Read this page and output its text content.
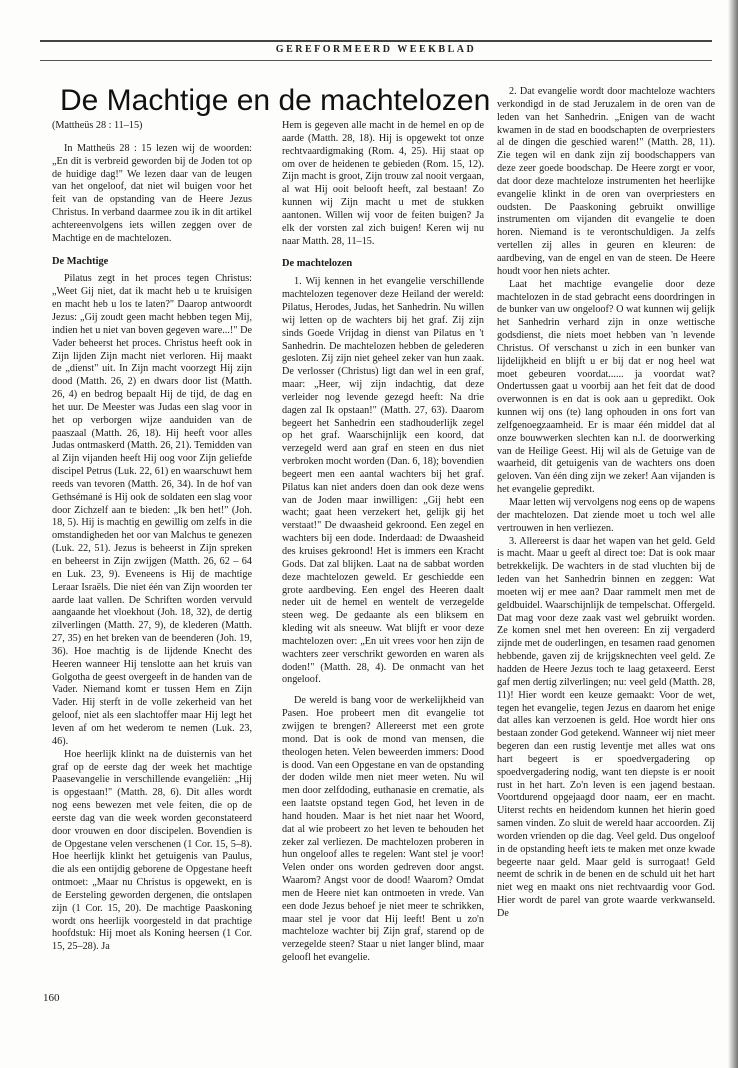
GEREFORMEERD WEEKBLAD
De Machtige en de machtelozen

(Mattheüs 28 : 11–15)

In Mattheüs 28 : 15 lezen wij de woorden: „En dit is verbreid geworden bij de Joden tot op de huidige dag!" We lezen daar van de leugen van het ongeloof, dat niet wil buigen voor het feit van de opstanding van de Heere Jezus Christus. In verband daarmee zou ik in dit artikel achtereenvolgens iets willen zeggen over de Machtige en de machtelozen.

De Machtige

Pilatus zegt in het proces tegen Christus: „Weet Gij niet, dat ik macht heb u te kruisigen en macht heb u los te laten?" Daarop antwoordt Jezus: „Gij zoudt geen macht hebben tegen Mij, indien het u niet van boven gegeven ware...!" De Vader beheerst het proces. Christus heeft ook in Zijn lijden Zijn macht niet verloren. Hij maakt de „dienst" uit. In Zijn macht voorzegt Hij zijn dood (Matth. 26, 2) en dwars door list (Matth. 26, 4) en bedrog bepaalt Hij de tijd, de dag en het uur. De Meester was Judas een slag voor in het op verborgen wijze aanduiden van de paaszaal (Matth. 26, 18). Hij heeft voor alles Judas ontmaskerd (Matth. 26, 21). Temidden van al Zijn vijanden heeft Hij oog voor Zijn geliefde discipel Petrus (Luk. 22, 61) en waarschuwt hem reeds van tevoren (Matth. 26, 34). In de hof van Gethsémané is Hij ook de soldaten een slag voor door Zichzelf aan te bieden: „Ik ben het!" (Joh. 18, 5). Hij is machtig en gewillig om zelfs in die omstandigheden het oor van Malchus te genezen (Luk. 22, 51). Jezus is beheerst in Zijn spreken en beheerst in Zijn zwijgen (Matth. 26, 62 – 64 en Luk. 23, 9). Eveneens is Hij de machtige Leraar Israëls. Die niet één van Zijn woorden ter aarde laat vallen. De Schriften worden vervuld aangaande het vloekhout (Joh. 18, 32), de dertig zilverlingen (Matth. 27, 9), de klederen (Matth. 27, 35) en het breken van de beenderen (Joh. 19, 36). Hoe machtig is de lijdende Knecht des Heeren wanneer Hij tenslotte aan het kruis van Golgotha de geest overgeeft in de handen van de Vader. Niemand komt er tussen Hem en Zijn Vader. Hij sterft in de volle zekerheid van het geloof, niet als een slachtoffer maar Hij legt het leven af om het wederom te nemen (Luk. 23, 46).

Hoe heerlijk klinkt na de duisternis van het graf op de eerste dag der week het machtige Paasevangelie in verschillende evangeliën: „Hij is opgestaan!" (Matth. 28, 6). Dit alles wordt nog eens bewezen met vele feiten, die op de eerste dag van die week worden geconstateerd door vrouwen en door discipelen. Bovendien is de Opgestane velen verschenen (1 Cor. 15, 5–8). Hoe heerlijk klinkt het getuigenis van Paulus, die als een ontijdig geborene de Opgestane heeft ontmoet: „Maar nu Christus is opgewekt, en is de Eersteling geworden dergenen, die ontslapen zijn (1 Cor. 15, 20). De machtige Paaskoning wordt ons heerlijk voorgesteld in dat prachtige hoofdstuk: Hij moet als Koning heersen (1 Cor. 15, 25–28). Ja

Hem is gegeven alle macht in de hemel en op de aarde (Matth. 28, 18). Hij is opgewekt tot onze rechtvaardigmaking (Rom. 4, 25). Hij staat op om over de heidenen te gebieden (Rom. 15, 12). Zijn macht is groot, Zijn trouw zal nooit vergaan, al wat Hij ooit belooft heeft, zal bestaan! Zo kunnen wij Zijn macht u met de stukken aantonen. Willen wij voor de feiten buigen? Ja elk der vorsten zal zich buigen! Keren wij nu naar Matth. 28, 11–15.

De machtelozen

1. Wij kennen in het evangelie verschillende machtelozen tegenover deze Heiland der wereld: Pilatus, Herodes, Judas, het Sanhedrin. Nu willen wij letten op de wachters bij het graf. Zij zijn sinds Goede Vrijdag in dienst van Pilatus en 't Sanhedrin. De machtelozen hebben de gelederen gesloten. Zij zijn niet geheel zeker van hun zaak. De verlosser (Christus) ligt dan wel in een graf, maar: „Heer, wij zijn indachtig, dat deze verleider nog levende gezegd heeft: Na drie dagen zal Ik opstaan!" (Matth. 27, 63). Daarom begeert het Sanhedrin een stadhouderlijk zegel op het graf. Waarschijnlijk een koord, dat verzegeld werd aan graf en steen en dus niet verbroken mocht worden (Dan. 6, 18); bovendien begeert men een aantal wachters bij het graf. Pilatus kan niet anders doen dan ook deze wens van de Joden maar inwilligen: „Gij hebt een wacht; gaat heen verzekert het, gelijk gij het verstaat!" De dwaasheid gekroond. Een zegel en wachters bij een dode. Inderdaad: de Dwaasheid des kruises gekroond! Het is immers een Kracht Gods. Dat zal blijken. Laat na de sabbat worden deze machtelozen geweld. Er geschiedde een grote aardbeving. Een engel des Heeren daalt neder uit de hemel en wentelt de verzegelde steen weg. De gedaante als een bliksem en kleding wit als sneeuw. Wat blijft er voor deze machtelozen over: „En uit vrees voor hen zijn de wachters zeer verschrikt geworden en waren als doden!" (Matth. 28, 4). De onmacht van het ongeloof.

De wereld is bang voor de werkelijkheid van Pasen. Hoe probeert men dit evangelie tot zwijgen te brengen? Allereerst met een grote mond. Dat is ook de mond van mensen, die theologen heten. Velen beweerden immers: Dood is dood. Van een Opgestane en van de opstanding der doden wilde men niet meer weten. Nu wil men door zelfdoding, euthanasie en crematie, als een laatste opstand tegen God, het leven in de hand houden. Maar is het niet naar het Woord, dat al wie probeert zo het leven te behouden het zeker zal verliezen. De machtelozen proberen in hun ongeloof alles te regelen: Want stel je voor! Velen onder ons worden gedreven door angst. Waarom? Angst voor de dood! Waarom? Omdat men de Heere niet kan ontmoeten in vrede. Van een dode Jezus behoef je niet meer te schrikken, maar stel je voor dat Hij leeft! Bent u zo'n machteloze wachter bij Zijn graf, starend op de verzegelde steen? Staar u niet langer blind, maar geloofl het evangelie.

2. Dat evangelie wordt door machteloze wachters verkondigd in de stad Jeruzalem in de oren van de leden van het Sanhedrin. „Enigen van de wacht kwamen in de stad en boodschapten de overpriesters al de dingen die geschied waren!" (Matth. 28, 11). Zie tegen wil en dank zijn zij boodschappers van deze zeer goede boodschap. De Heere zorgt er voor, dat door deze machteloze instrumenten het heerlijke evangelie klinkt in de oren van overpriesters en oudsten. De Paaskoning gebruikt onwillige instrumenten om vijanden dit evangelie te doen horen. Niemand is te verontschuldigen. Ja zelfs vertellen zij alles in geuren en kleuren: de aardbeving, van de engel en van de steen. De Heere houdt voor hen niets achter.

Laat het machtige evangelie door deze machtelozen in de stad gebracht eens doordringen in de bunker van uw ongeloof? O wat kunnen wij gelijk het Sanhedrin verhard zijn in onze wettische godsdienst, die niets moet hebben van 'n levende Christus. Of verschanst u zich in een bunker van lijdelijkheid en blijft u er bij dat er nog heel wat moet gebeuren voordat...... ja voordat wat? Ondertussen gaat u voorbij aan het feit dat de dood overwonnen is en dat is ook aan u gepredikt. Ook kunnen wij ons (te) lang ophouden in ons fort van zelfgenoegzaamheid. Er is maar één middel dat al onze bouwwerken slechten kan n.l. de doorwerking van de Heilige Geest. Hij wil als de Getuige van de waarheid, dit getuigenis van de wachters ons doen geloven. Van één ding zijn we zeker! Aan vijanden is het evangelie gepredikt.

Maar letten wij vervolgens nog eens op de wapens der machtelozen. Dat ziende moet u toch wel alle vertrouwen in hen verliezen.

3. Allereerst is daar het wapen van het geld. Geld is macht. Maar u geeft al direct toe: Dat is ook maar betrekkelijk. De wachters in de stad vluchten bij de leden van het Sanhedrin binnen en zeggen: Wat moeten wij er mee aan? Daar rammelt men met de geldbuidel. Waarschijnlijk de tempelschat. Offergeld. Dat mag voor deze zaak vast wel gebruikt worden. Ze komen snel met hen overeen: En zij vergaderd zijnde met de ouderlingen, en tesamen raad genomen hebbende, gaven zij de krijgsknechten veel geld. Ze hadden de Heere Jezus toch te laag getaxeerd. Eerst gaf men dertig zilverlingen; nu: veel geld (Matth. 28, 11)! Hier wordt een keuze gemaakt: Voor de wet, tegen het evangelie, tegen Jezus en daarom het enige dat alles kan verzoenen is geld. Hoe wordt hier ons bestaan zonder God getekend. Wanneer wij niet meer begeren dan een rustig leventje met alles wat ons hart begeert is er spoedvergadering op spoedvergadering nodig, want ten diepste is er nooit rust in het hart. Zo'n leven is een jagend bestaan. Voortdurend opgejaagd door naam, eer en macht. Uiterst rechts en heidendom kunnen het hierin goed samen vinden. Zo sluit de wereld haar accoorden. Zij worden vrienden op die dag. Veel geld. Dus ongeloof in de opstanding heeft iets te maken met onze kwade begeerte naar geld. Maar geld is surrogaat! Geld neemt de schrik in de benen en de schuld uit het hart niet weg en maakt ons niet rechtvaardig voor God. Hier wordt de parel van grote waarde verkwanseld. De

160
